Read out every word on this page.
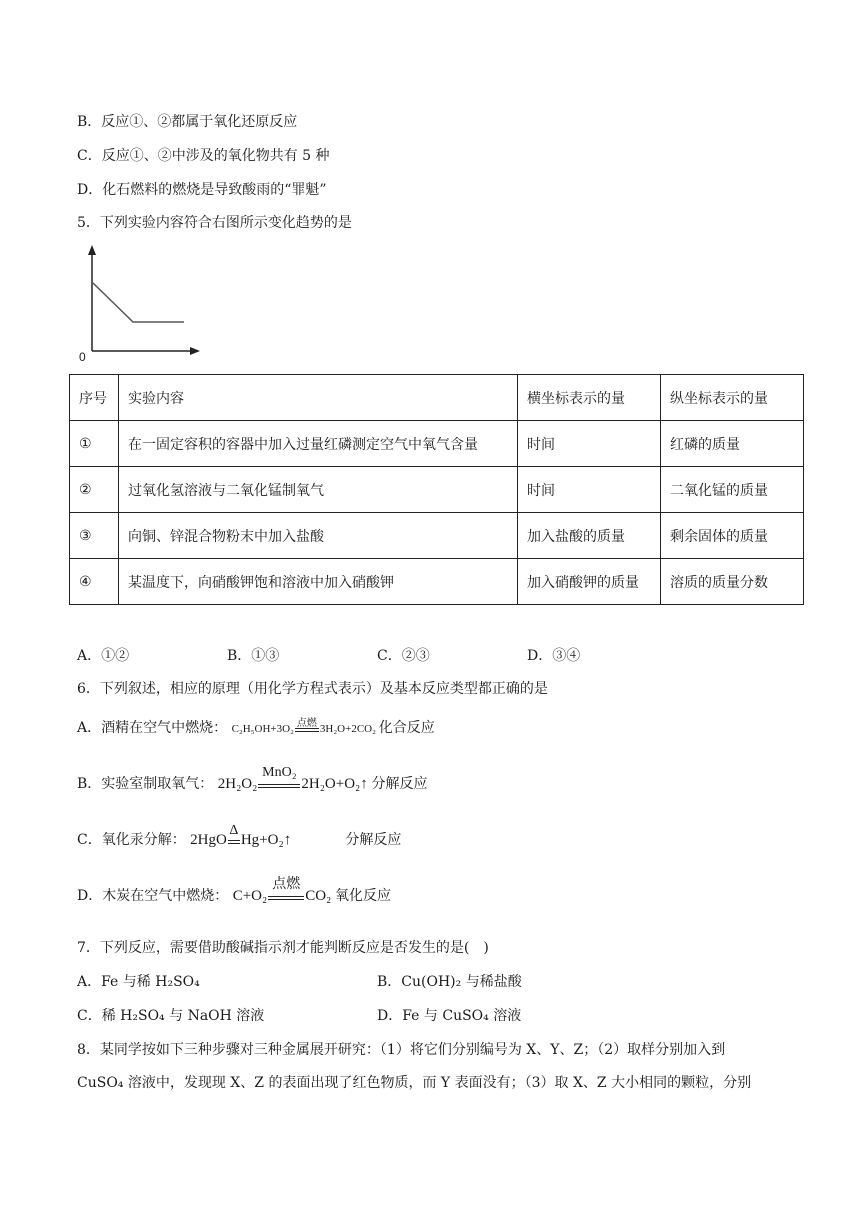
B．反应①、②都属于氧化还原反应
C．反应①、②中涉及的氧化物共有 5 种
D．化石燃料的燃烧是导致酸雨的“罪魁”
5．下列实验内容符合右图所示变化趋势的是
0
序号	实验内容	横坐标表示的量	纵坐标表示的量
①	在一固定容积的容器中加入过量红磷测定空气中氧气含量	时间	红磷的质量
②	过氧化氢溶液与二氧化锰制氧气	时间	二氧化锰的质量
③	向铜、锌混合物粉末中加入盐酸	加入盐酸的质量	剩余固体的质量
④	某温度下，向硝酸钾饱和溶液中加入硝酸钾	加入硝酸钾的质量	溶质的质量分数
A．①②	B．①③	C．②③	D．③④
6．下列叙述，相应的原理（用化学方程式表示）及基本反应类型都正确的是
A．酒精在空气中燃烧： C₂H₅OH+3O₂ 点燃 3H₂O+2CO₂ 化合反应
B．实验室制取氧气： 2H₂O₂
MnO₂
2H₂O+O₂↑ 分解反应
C．氧化汞分解： 2HgO
Δ
Hg+O₂↑	分解反应
D．木炭在空气中燃烧： C+O₂
点燃
CO₂ 氧化反应
7．下列反应，需要借助酸碱指示剂才能判断反应是否发生的是(　)
A．Fe 与稀 H₂SO₄	B．Cu(OH)₂ 与稀盐酸
C．稀 H₂SO₄ 与 NaOH 溶液	D．Fe 与 CuSO₄ 溶液
8．某同学按如下三种步骤对三种金属展开研究：（1）将它们分别编号为 X、Y、Z；（2）取样分别加入到
CuSO₄ 溶液中，发现现 X、Z 的表面出现了红色物质，而 Y 表面没有；（3）取 X、Z 大小相同的颗粒，分别
